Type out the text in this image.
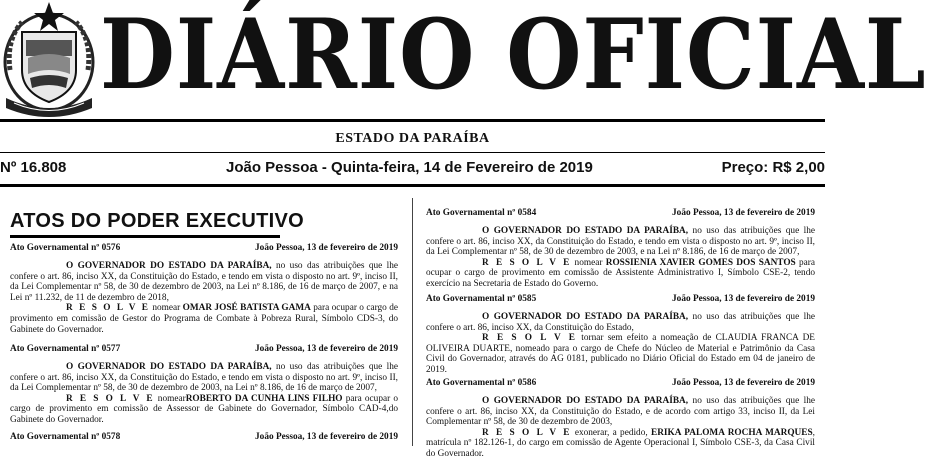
DIÁRIO OFICIAL
ESTADO DA PARAÍBA
Nº 16.808	João Pessoa - Quinta-feira, 14 de Fevereiro de 2019	Preço: R$ 2,00
ATOS DO PODER EXECUTIVO
Ato Governamental nº 0576	João Pessoa, 13 de fevereiro de 2019
O GOVERNADOR DO ESTADO DA PARAÍBA, no uso das atribuições que lhe confere o art. 86, inciso XX, da Constituição do Estado, e tendo em vista o disposto no art. 9º, inciso II, da Lei Complementar nº 58, de 30 de dezembro de 2003, na Lei nº 8.186, de 16 de março de 2007, e na Lei nº 11.232, de 11 de dezembro de 2018,
R E S O L V E nomear OMAR JOSÉ BATISTA GAMA para ocupar o cargo de provimento em comissão de Gestor do Programa de Combate à Pobreza Rural, Símbolo CDS-3, do Gabinete do Governador.
Ato Governamental nº 0577	João Pessoa, 13 de fevereiro de 2019
O GOVERNADOR DO ESTADO DA PARAÍBA, no uso das atribuições que lhe confere o art. 86, inciso XX, da Constituição do Estado, e tendo em vista o disposto no art. 9º, inciso II, da Lei Complementar nº 58, de 30 de dezembro de 2003, na Lei nº 8.186, de 16 de março de 2007,
R E S O L V E nomearROBERTO DA CUNHA LINS FILHO para ocupar o cargo de provimento em comissão de Assessor de Gabinete do Governador, Símbolo CAD-4,do Gabinete do Governador.
Ato Governamental nº 0578	João Pessoa, 13 de fevereiro de 2019
Ato Governamental nº 0584	João Pessoa, 13 de fevereiro de 2019
O GOVERNADOR DO ESTADO DA PARAÍBA, no uso das atribuições que lhe confere o art. 86, inciso XX, da Constituição do Estado, e tendo em vista o disposto no art. 9º, inciso II, da Lei Complementar nº 58, de 30 de dezembro de 2003, e na Lei nº 8.186, de 16 de março de 2007,
R E S O L V E nomear ROSSIENIA XAVIER GOMES DOS SANTOS para ocupar o cargo de provimento em comissão de Assistente Administrativo I, Símbolo CSE-2, tendo exercício na Secretaria de Estado do Governo.
Ato Governamental nº 0585	João Pessoa, 13 de fevereiro de 2019
O GOVERNADOR DO ESTADO DA PARAÍBA, no uso das atribuições que lhe confere o art. 86, inciso XX, da Constituição do Estado,
R E S O L V E tornar sem efeito a nomeação de CLAUDIA FRANCA DE OLIVEIRA DUARTE, nomeado para o cargo de Chefe do Núcleo de Material e Patrimônio da Casa Civil do Governador, através do AG 0181, publicado no Diário Oficial do Estado em 04 de janeiro de 2019.
Ato Governamental nº 0586	João Pessoa, 13 de fevereiro de 2019
O GOVERNADOR DO ESTADO DA PARAÍBA, no uso das atribuições que lhe confere o art. 86, inciso XX, da Constituição do Estado, e de acordo com artigo 33, inciso II, da Lei Complementar nº 58, de 30 de dezembro de 2003,
R E S O L V E exonerar, a pedido, ERIKA PALOMA ROCHA MARQUES, matrícula nº 182.126-1, do cargo em comissão de Agente Operacional I, Símbolo CSE-3, da Casa Civil do Governador.
